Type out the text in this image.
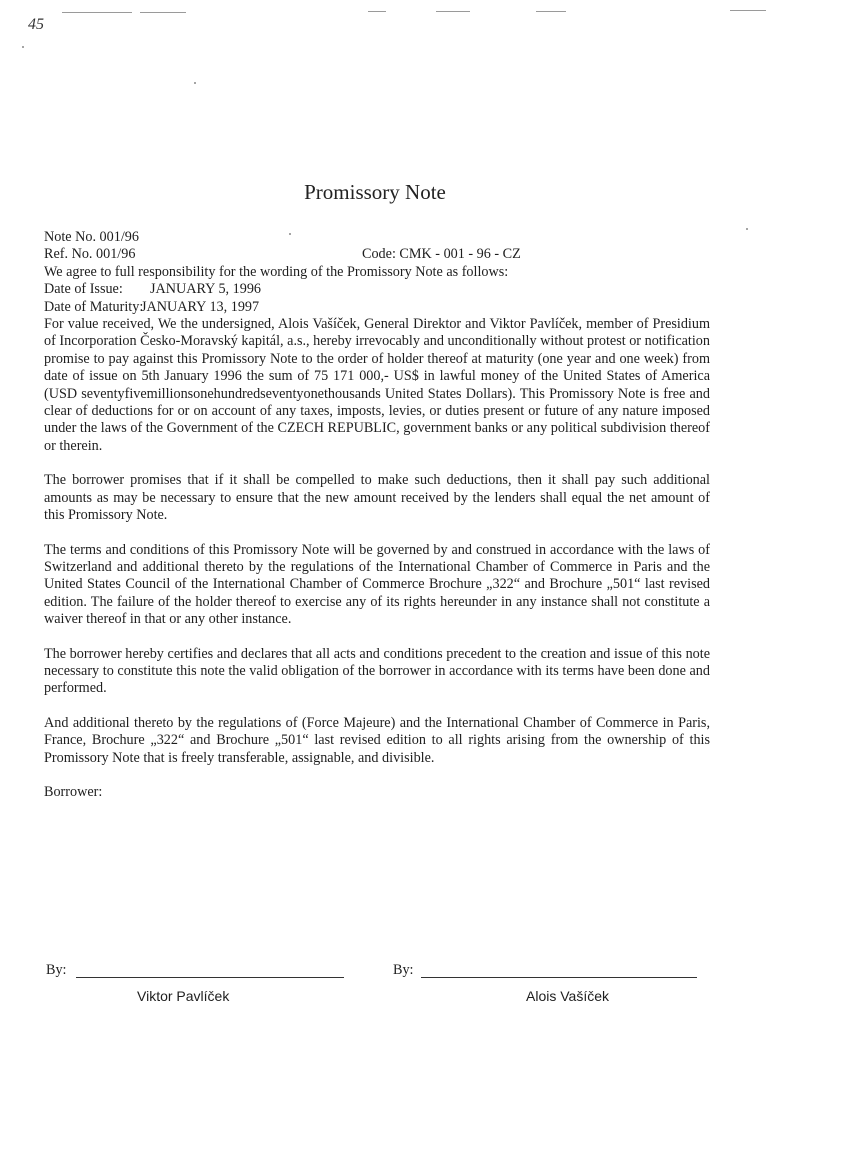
45
Promissory Note
Note No. 001/96
Ref. No. 001/96	Code: CMK - 001 - 96 - CZ
We agree to full responsibility for the wording of the Promissory Note as follows:
Date of Issue: JANUARY 5, 1996
Date of Maturity:JANUARY 13, 1997

For value received, We the undersigned, Alois Vašíček, General Direktor and Viktor Pavlíček, member of Presidium of Incorporation Česko-Moravský kapitál, a.s., hereby irrevocably and unconditionally without protest or notification promise to pay against this Promissory Note to the order of holder thereof at maturity (one year and one week) from date of issue on 5th January 1996 the sum of 75 171 000,- US$ in lawful money of the United States of America (USD seventyfivemillionsonehundredseventyonethousands United States Dollars). This Promissory Note is free and clear of deductions for or on account of any taxes, imposts, levies, or duties present or future of any nature imposed under the laws of the Government of the CZECH REPUBLIC, government banks or any political subdivision thereof or therein.

The borrower promises that if it shall be compelled to make such deductions, then it shall pay such additional amounts as may be necessary to ensure that the new amount received by the lenders shall equal the net amount of this Promissory Note.

The terms and conditions of this Promissory Note will be governed by and construed in accordance with the laws of Switzerland and additional thereto by the regulations of the International Chamber of Commerce in Paris and the United States Council of the International Chamber of Commerce Brochure „322“ and Brochure „501“ last revised edition. The failure of the holder thereof to exercise any of its rights hereunder in any instance shall not constitute a waiver thereof in that or any other instance.

The borrower hereby certifies and declares that all acts and conditions precedent to the creation and issue of this note necessary to constitute this note the valid obligation of the borrower in accordance with its terms have been done and performed.

And additional thereto by the regulations of (Force Majeure) and the International Chamber of Commerce in Paris, France, Brochure „322“ and Brochure „501“ last revised edition to all rights arising from the ownership of this Promissory Note that is freely transferable, assignable, and divisible.

Borrower:
By:
Viktor Pavlíček
By:
Alois Vašíček
